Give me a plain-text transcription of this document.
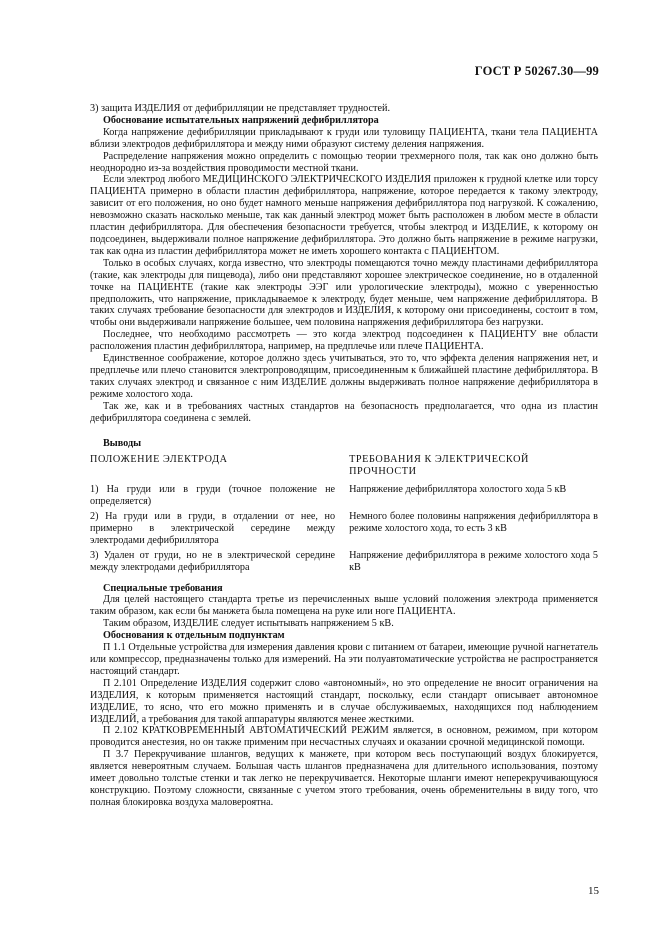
ГОСТ Р 50267.30—99

3) защита ИЗДЕЛИЯ от дефибрилляции не представляет трудностей.

Обоснование испытательных напряжений дефибриллятора

Когда напряжение дефибрилляции прикладывают к груди или туловищу ПАЦИЕНТА, ткани тела ПАЦИЕНТА вблизи электродов дефибриллятора и между ними образуют систему деления напряжения.

Распределение напряжения можно определить с помощью теории трехмерного поля, так как оно должно быть неоднородно из-за воздействия проводимости местной ткани.

Если электрод любого МЕДИЦИНСКОГО ЭЛЕКТРИЧЕСКОГО ИЗДЕЛИЯ приложен к грудной клетке или торсу ПАЦИЕНТА примерно в области пластин дефибриллятора, напряжение, которое передается к такому электроду, зависит от его положения, но оно будет намного меньше напряжения дефибриллятора под нагрузкой. К сожалению, невозможно сказать насколько меньше, так как данный электрод может быть расположен в любом месте в области пластин дефибриллятора. Для обеспечения безопасности требуется, чтобы электрод и ИЗДЕЛИЕ, к которому он подсоединен, выдерживали полное напряжение дефибриллятора. Это должно быть напряжение в режиме нагрузки, так как одна из пластин дефибриллятора может не иметь хорошего контакта с ПАЦИЕНТОМ.

Только в особых случаях, когда известно, что электроды помещаются точно между пластинами дефибриллятора (такие, как электроды для пищевода), либо они представляют хорошее электрическое соединение, но в отдаленной точке на ПАЦИЕНТЕ (такие как электроды ЭЭГ или урологические электроды), можно с уверенностью предположить, что напряжение, прикладываемое к электроду, будет меньше, чем напряжение дефибриллятора. В таких случаях требование безопасности для электродов и ИЗДЕЛИЯ, к которому они присоединены, состоит в том, чтобы они выдерживали напряжение большее, чем половина напряжения дефибриллятора без нагрузки.

Последнее, что необходимо рассмотреть — это когда электрод подсоединен к ПАЦИЕНТУ вне области расположения пластин дефибриллятора, например, на предплечье или плече ПАЦИЕНТА.

Единственное соображение, которое должно здесь учитываться, это то, что эффекта деления напряжения нет, и предплечье или плечо становится электропроводящим, присоединенным к ближайшей пластине дефибриллятора. В таких случаях электрод и связанное с ним ИЗДЕЛИЕ должны выдерживать полное напряжение дефибриллятора в режиме холостого хода.

Так же, как и в требованиях частных стандартов на безопасность предполагается, что одна из пластин дефибриллятора соединена с землей.

Выводы

ПОЛОЖЕНИЕ ЭЛЕКТРОДА	ТРЕБОВАНИЯ К ЭЛЕКТРИЧЕСКОЙ ПРОЧНОСТИ
1) На груди или в груди (точное положение не определяется)	Напряжение дефибриллятора холостого хода 5 кВ
2) На груди или в груди, в отдалении от нее, но примерно в электрической середине между электродами дефибриллятора	Немного более половины напряжения дефибриллятора в режиме холостого хода, то есть 3 кВ
3) Удален от груди, но не в электрической середине между электродами дефибриллятора	Напряжение дефибриллятора в режиме холостого хода 5 кВ

Специальные требования

Для целей настоящего стандарта третье из перечисленных выше условий положения электрода применяется таким образом, как если бы манжета была помещена на руке или ноге ПАЦИЕНТА.

Таким образом, ИЗДЕЛИЕ следует испытывать напряжением 5 кВ.

Обоснования к отдельным подпунктам

П 1.1 Отдельные устройства для измерения давления крови с питанием от батареи, имеющие ручной нагнетатель или компрессор, предназначены только для измерений. На эти полуавтоматические устройства не распространяется настоящий стандарт.

П 2.101 Определение ИЗДЕЛИЯ содержит слово «автономный», но это определение не вносит ограничения на ИЗДЕЛИЯ, к которым применяется настоящий стандарт, поскольку, если стандарт описывает автономное ИЗДЕЛИЕ, то ясно, что его можно применять и в случае обслуживаемых, находящихся под наблюдением ИЗДЕЛИЙ, а требования для такой аппаратуры являются менее жесткими.

П 2.102 КРАТКОВРЕМЕННЫЙ АВТОМАТИЧЕСКИЙ РЕЖИМ является, в основном, режимом, при котором проводится анестезия, но он также применим при несчастных случаях и оказании срочной медицинской помощи.

П 3.7 Перекручивание шлангов, ведущих к манжете, при котором весь поступающий воздух блокируется, является невероятным случаем. Большая часть шлангов предназначена для длительного использования, поэтому имеет довольно толстые стенки и так легко не перекручивается. Некоторые шланги имеют неперекручивающуюся конструкцию. Поэтому сложности, связанные с учетом этого требования, очень обременительны в виду того, что полная блокировка воздуха маловероятна.

15
